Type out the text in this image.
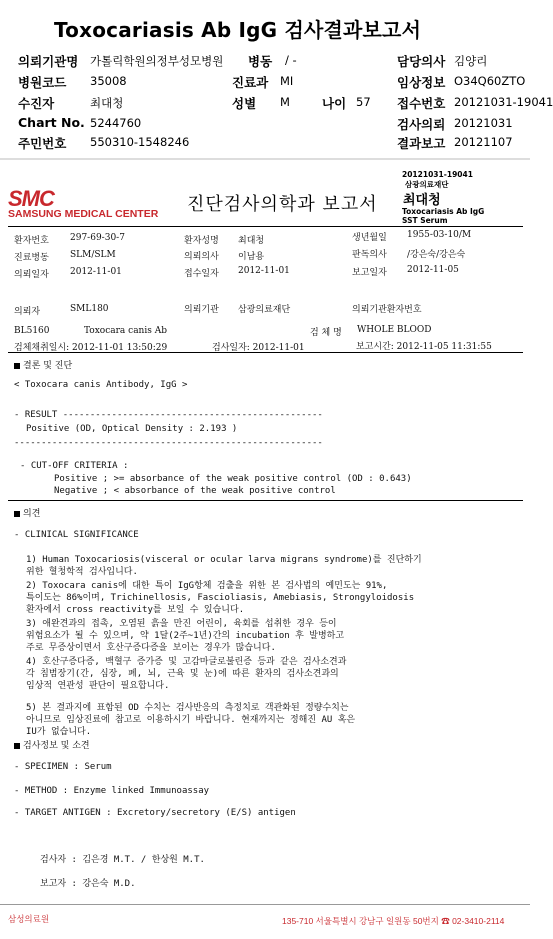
Toxocariasis Ab IgG 검사결과보고서
의뢰기관명 가톨릭학원의정부성모병원 병동 / -	담당의사 김양리
병원코드 35008	진료과 MI	임상정보 O34Q60ZTO
수진자	최대청	성별 M	나이 57 접수번호 20121031-19041
Chart No. 5244760	검사의뢰 20121031
주민번호 550310-1548246	결과보고 20121107
SMC
SAMSUNG MEDICAL CENTER 진단검사의학과 보고서
20121031-19041
삼광의료재단
최대청
Toxocariasis Ab IgG
SST Serum
환자번호 297-69-30-7	환자성명 최대청	생년월일 1955-03-10/M
진료병동 SLM/SLM	의뢰의사 이남용	판독의사 /강은숙/강은숙
의뢰일자 2012-11-01	접수일자 2012-11-01	보고일자 2012-11-05
의뢰자	SML180	의뢰기관 삼광의료재단	의뢰기관환자번호
BL5160	Toxocara canis Ab	검 체 명 WHOLE BLOOD
검체채취일시: 2012-11-01 13:50:29	검사일자: 2012-11-01	보고시간: 2012-11-05 11:31:55
결론 및 진단
< Toxocara canis Antibody, IgG >
- RESULT ------------------------------------------------
Positive (OD, Optical Density : 2.193 )
---------------------------------------------------------
- CUT-OFF CRITERIA :
Positive ; >= absorbance of the weak positive control (OD : 0.643)
Negative ; < absorbance of the weak positive control
의견
- CLINICAL SIGNIFICANCE
1) Human Toxocariosis(visceral or ocular larva migrans syndrome)를 진단하기
위한 혈청학적 검사입니다.
2) Toxocara canis에 대한 특이 IgG항체 검출을 위한 본 검사법의 예민도는 91%,
특이도는 86%이며, Trichinellosis, Fascioliasis, Amebiasis, Strongyloidosis
환자에서 cross reactivity를 보일 수 있습니다.
3) 애완견과의 접촉, 오염된 흙을 만진 어린이, 육회를 섭취한 경우 등이
위험요소가 될 수 있으며, 약 1달(2주~1년)간의 incubation 후 발병하고
주로 무증상이면서 호산구증다증을 보이는 경우가 많습니다.
4) 호산구증다증, 백혈구 증가증 및 고감마글로불린증 등과 같은 검사소견과
각 침범장기(간, 심장, 폐, 뇌, 근육 및 눈)에 따른 환자의 검사소견과의
임상적 연관성 판단이 필요합니다.
5) 본 결과지에 표함된 OD 수치는 검사반응의 측정치로 객관화된 정량수치는
아니므로 임상진료에 참고로 이용하시기 바랍니다. 현재까지는 정해진 AU 혹은
IU가 없습니다.
검사정보 및 소견
- SPECIMEN : Serum
- METHOD : Enzyme linked Immunoassay
- TARGET ANTIGEN : Excretory/secretory (E/S) antigen
검사자 : 김은경 M.T. / 한상원 M.T.
보고자 : 강은숙 M.D.
삼성의료원	135-710 서울특별시 강남구 일원동 50번지 ☎ 02-3410-2114
